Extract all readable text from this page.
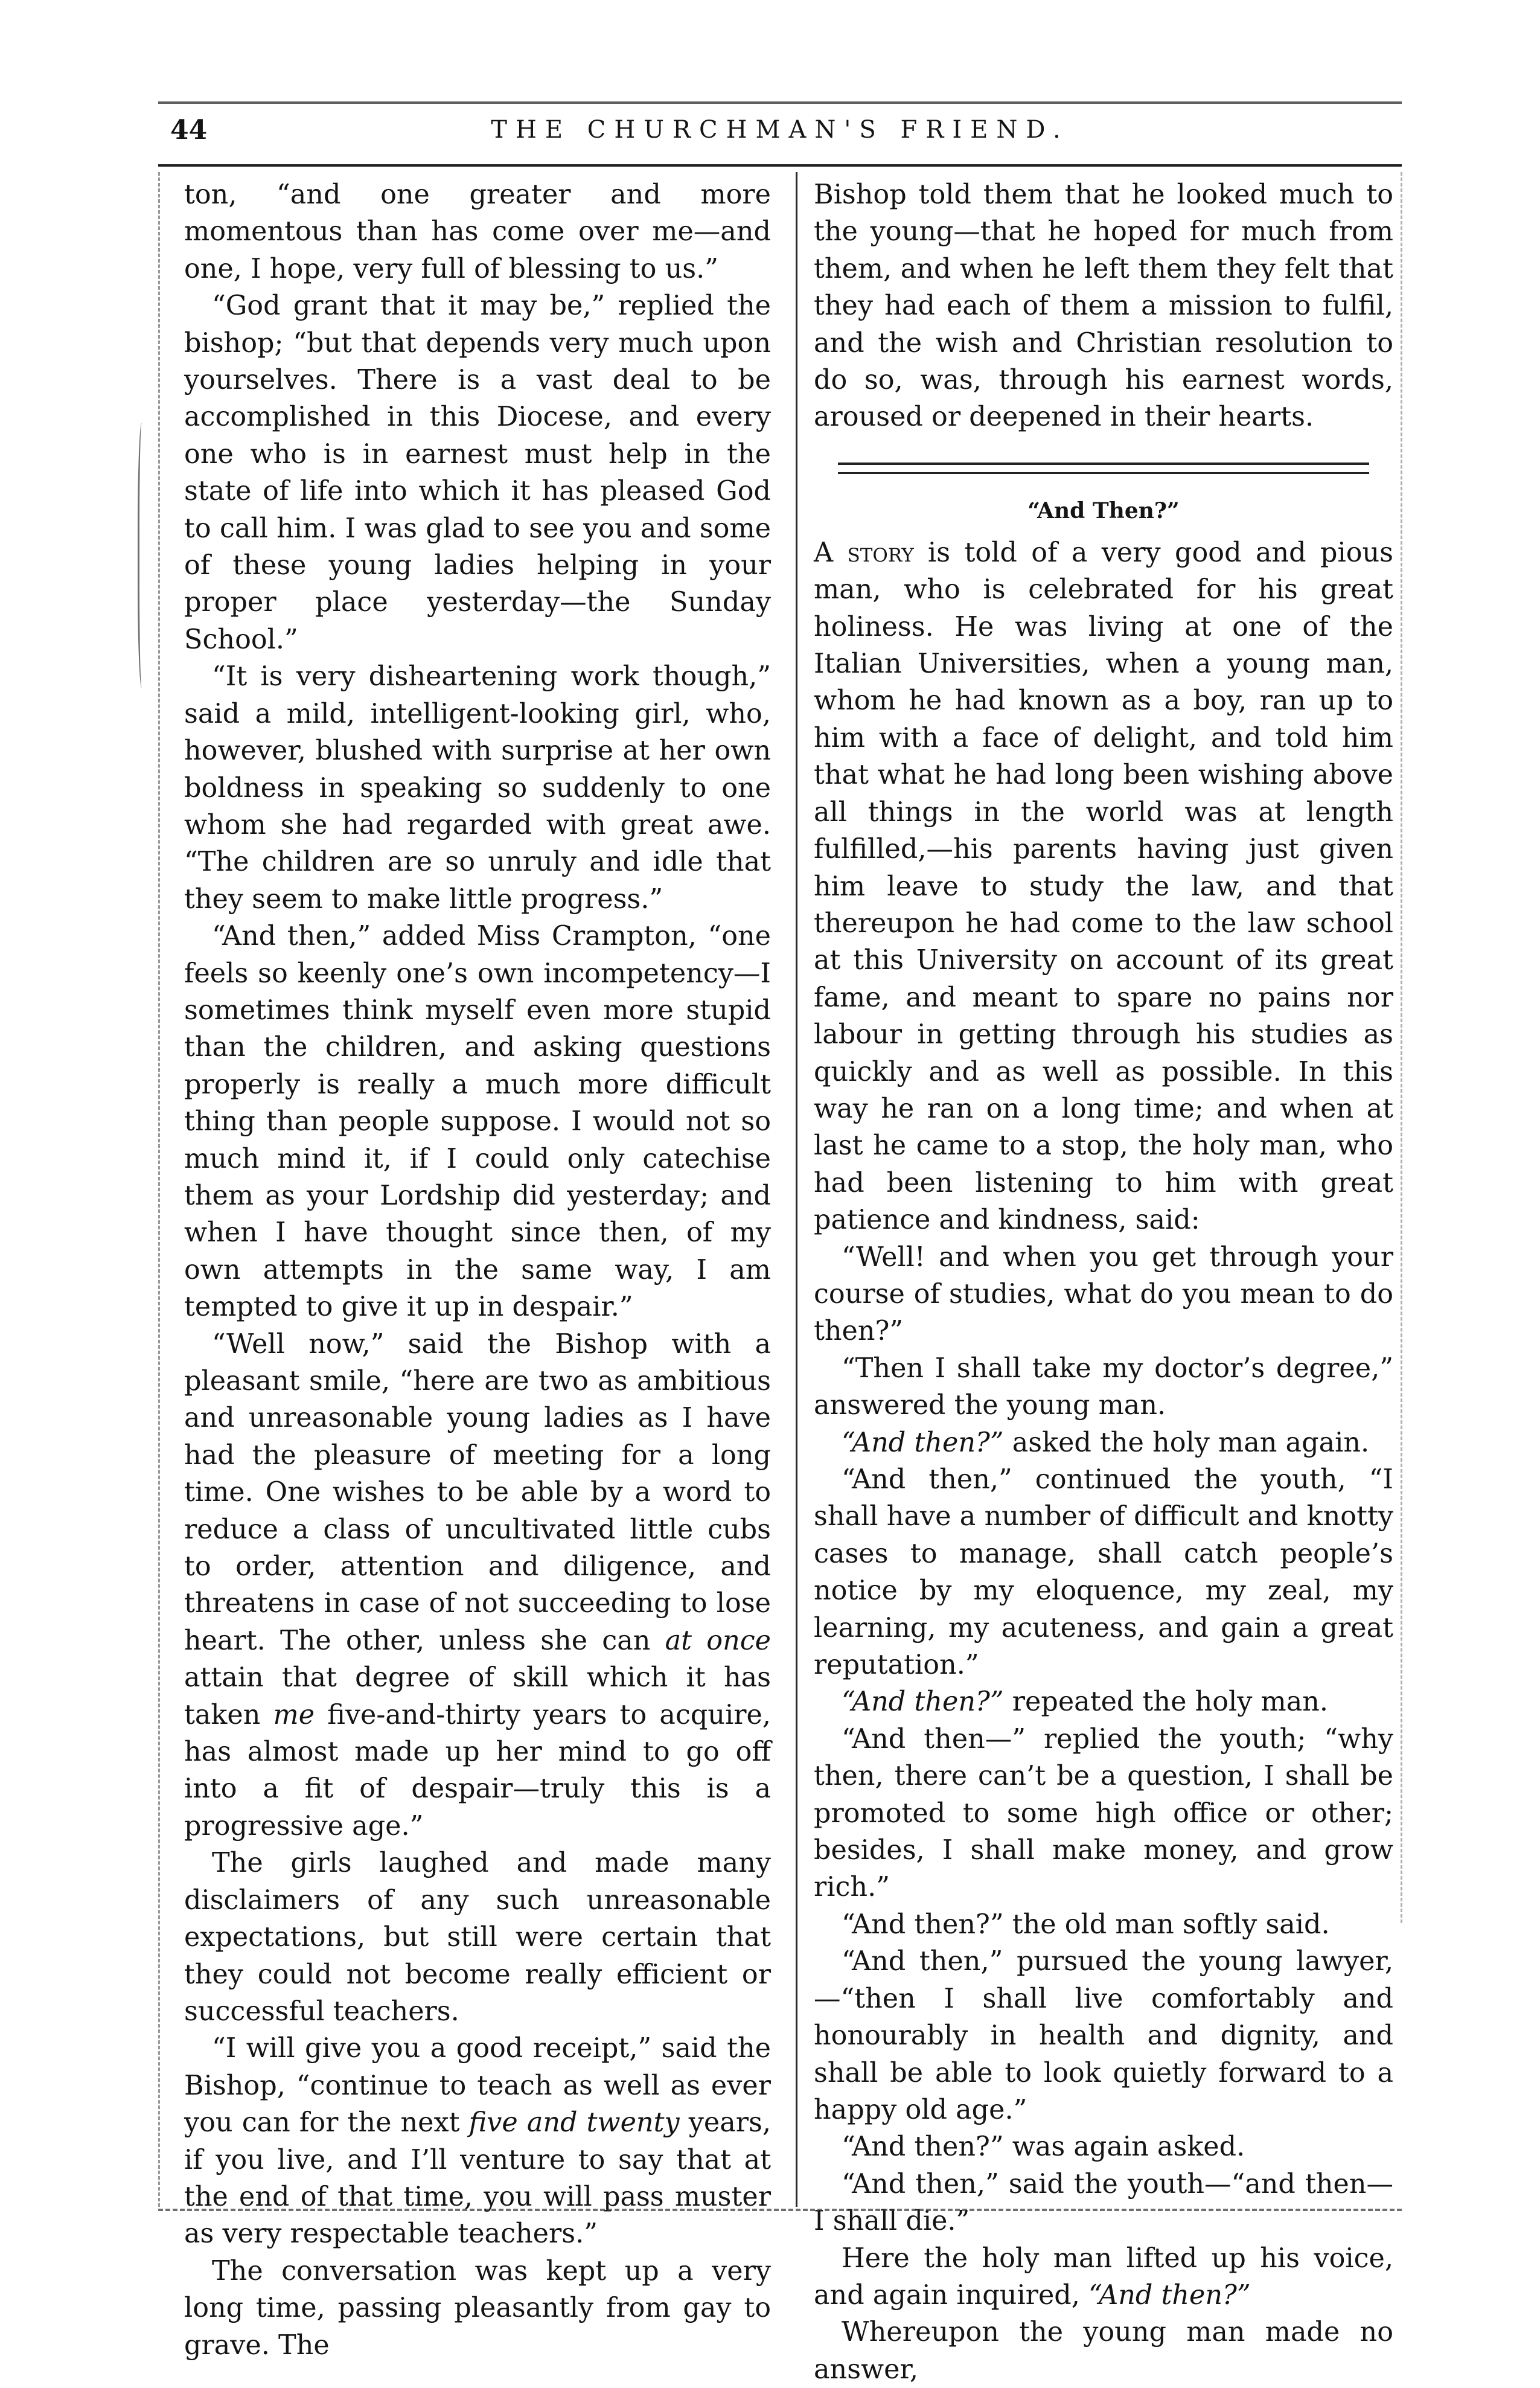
44	THE CHURCHMAN'S FRIEND.

ton, “and one greater and more momentous than has come over me—and one, I hope, very full of blessing to us.”

“God grant that it may be,” replied the bishop; “but that depends very much upon yourselves. There is a vast deal to be accomplished in this Diocese, and every one who is in earnest must help in the state of life into which it has pleased God to call him. I was glad to see you and some of these young ladies helping in your proper place yesterday—the Sunday School.”

“It is very disheartening work though,” said a mild, intelligent-looking girl, who, however, blushed with surprise at her own boldness in speaking so suddenly to one whom she had regarded with great awe. “The children are so unruly and idle that they seem to make little progress.”

“And then,” added Miss Crampton, “one feels so keenly one’s own incompetency—I sometimes think myself even more stupid than the children, and asking questions properly is really a much more difficult thing than people suppose. I would not so much mind it, if I could only catechise them as your Lordship did yesterday; and when I have thought since then, of my own attempts in the same way, I am tempted to give it up in despair.”

“Well now,” said the Bishop with a pleasant smile, “here are two as ambitious and unreasonable young ladies as I have had the pleasure of meeting for a long time. One wishes to be able by a word to reduce a class of uncultivated little cubs to order, attention and diligence, and threatens in case of not succeeding to lose heart. The other, unless she can at once attain that degree of skill which it has taken me five-and-thirty years to acquire, has almost made up her mind to go off into a fit of despair—truly this is a progressive age.”

The girls laughed and made many disclaimers of any such unreasonable expectations, but still were certain that they could not become really efficient or successful teachers.

“I will give you a good receipt,” said the Bishop, “continue to teach as well as ever you can for the next five and twenty years, if you live, and I’ll venture to say that at the end of that time, you will pass muster as very respectable teachers.”

The conversation was kept up a very long time, passing pleasantly from gay to grave. The

Bishop told them that he looked much to the young—that he hoped for much from them, and when he left them they felt that they had each of them a mission to fulfil, and the wish and Christian resolution to do so, was, through his earnest words, aroused or deepened in their hearts.

“And Then?”

A story is told of a very good and pious man, who is celebrated for his great holiness. He was living at one of the Italian Universities, when a young man, whom he had known as a boy, ran up to him with a face of delight, and told him that what he had long been wishing above all things in the world was at length fulfilled,—his parents having just given him leave to study the law, and that thereupon he had come to the law school at this University on account of its great fame, and meant to spare no pains nor labour in getting through his studies as quickly and as well as possible. In this way he ran on a long time; and when at last he came to a stop, the holy man, who had been listening to him with great patience and kindness, said:

“Well! and when you get through your course of studies, what do you mean to do then?”

“Then I shall take my doctor’s degree,” answered the young man.

“And then?” asked the holy man again.

“And then,” continued the youth, “I shall have a number of difficult and knotty cases to manage, shall catch people’s notice by my eloquence, my zeal, my learning, my acuteness, and gain a great reputation.”

“And then?” repeated the holy man.

“And then—” replied the youth; “why then, there can’t be a question, I shall be promoted to some high office or other; besides, I shall make money, and grow rich.”

“And then?” the old man softly said.

“And then,” pursued the young lawyer,—“then I shall live comfortably and honourably in health and dignity, and shall be able to look quietly forward to a happy old age.”

“And then?” was again asked.

“And then,” said the youth—“and then—I shall die.”

Here the holy man lifted up his voice, and again inquired, “And then?”

Whereupon the young man made no answer,
